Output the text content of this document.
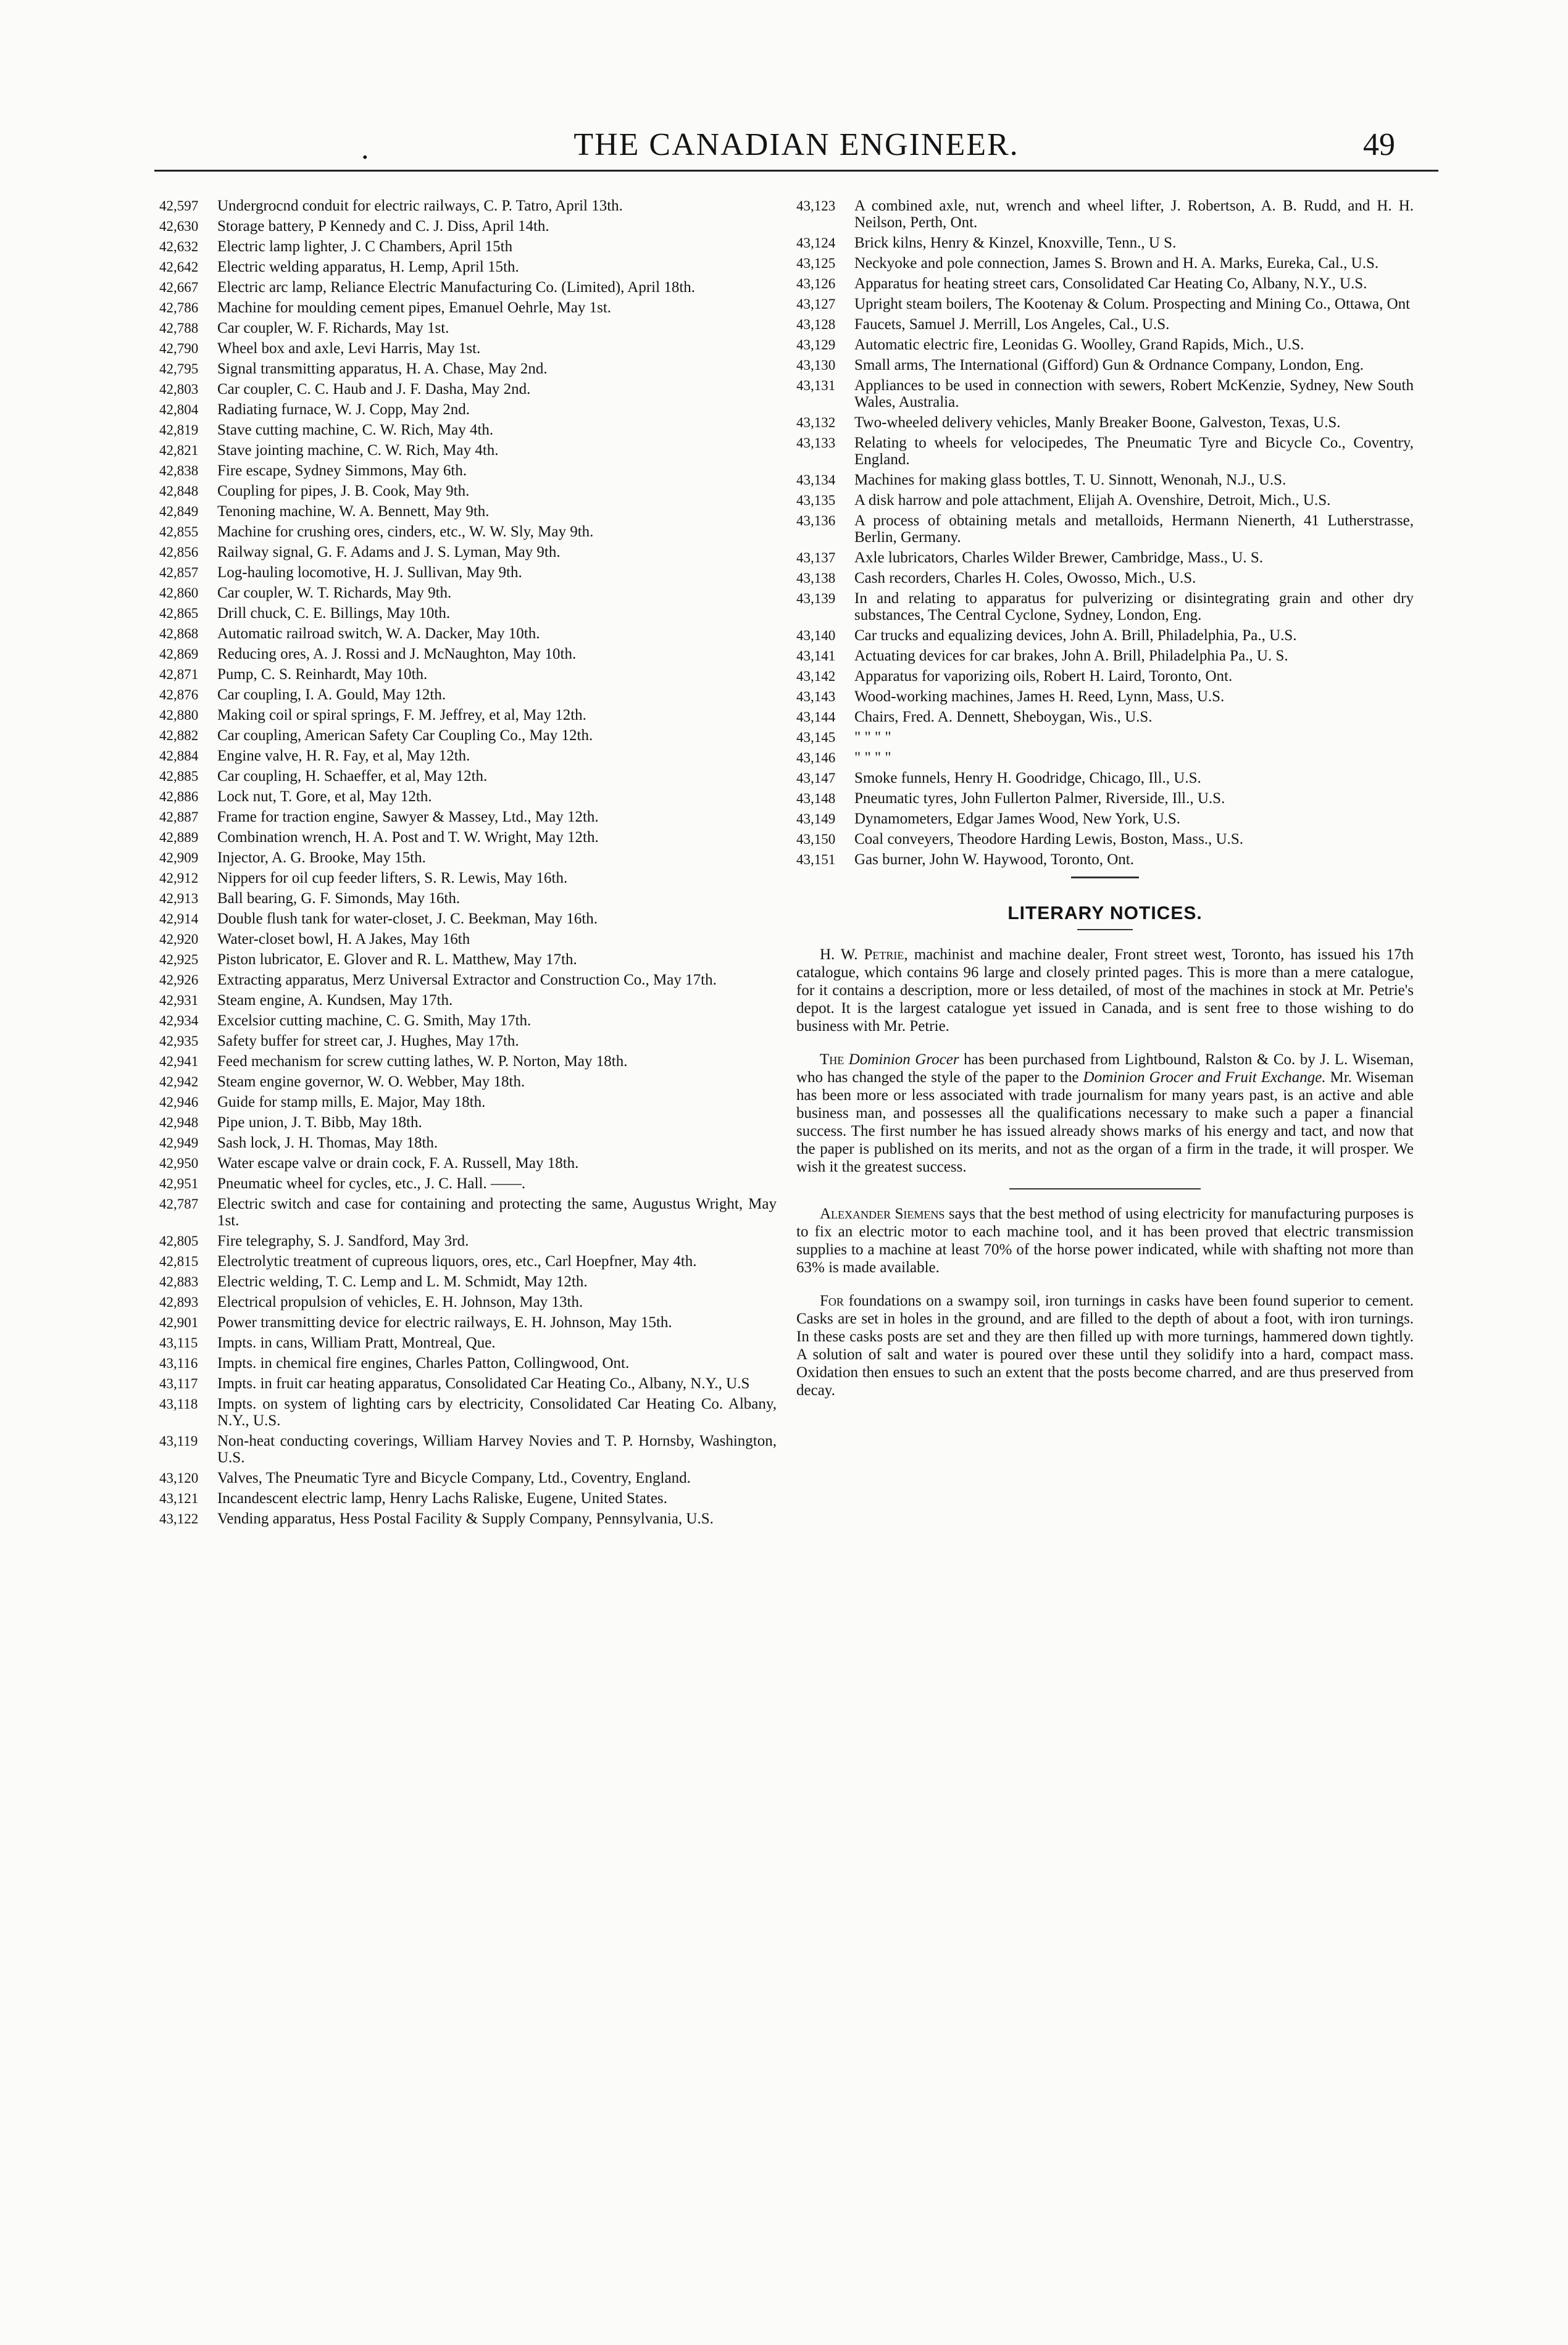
.	THE CANADIAN ENGINEER.	49
42,597 Undergrocnd conduit for electric railways, C. P. Tatro, April 13th.
42,630 Storage battery, P Kennedy and C. J. Diss, April 14th.
42,632 Electric lamp lighter, J. C Chambers, April 15th
42,642 Electric welding apparatus, H. Lemp, April 15th.
42,667 Electric arc lamp, Reliance Electric Manufacturing Co. (Limited), April 18th.
42,786 Machine for moulding cement pipes, Emanuel Oehrle, May 1st.
42,788 Car coupler, W. F. Richards, May 1st.
42,790 Wheel box and axle, Levi Harris, May 1st.
42,795 Signal transmitting apparatus, H. A. Chase, May 2nd.
42,803 Car coupler, C. C. Haub and J. F. Dasha, May 2nd.
42,804 Radiating furnace, W. J. Copp, May 2nd.
42,819 Stave cutting machine, C. W. Rich, May 4th.
42,821 Stave jointing machine, C. W. Rich, May 4th.
42,838 Fire escape, Sydney Simmons, May 6th.
42,848 Coupling for pipes, J. B. Cook, May 9th.
42,849 Tenoning machine, W. A. Bennett, May 9th.
42,855 Machine for crushing ores, cinders, etc., W. W. Sly, May 9th.
42,856 Railway signal, G. F. Adams and J. S. Lyman, May 9th.
42,857 Log-hauling locomotive, H. J. Sullivan, May 9th.
42,860 Car coupler, W. T. Richards, May 9th.
42,865 Drill chuck, C. E. Billings, May 10th.
42,868 Automatic railroad switch, W. A. Dacker, May 10th.
42,869 Reducing ores, A. J. Rossi and J. McNaughton, May 10th.
42,871 Pump, C. S. Reinhardt, May 10th.
42,876 Car coupling, I. A. Gould, May 12th.
42,880 Making coil or spiral springs, F. M. Jeffrey, et al, May 12th.
42,882 Car coupling, American Safety Car Coupling Co., May 12th.
42,884 Engine valve, H. R. Fay, et al, May 12th.
42,885 Car coupling, H. Schaeffer, et al, May 12th.
42,886 Lock nut, T. Gore, et al, May 12th.
42,887 Frame for traction engine, Sawyer & Massey, Ltd., May 12th.
42,889 Combination wrench, H. A. Post and T. W. Wright, May 12th.
42,909 Injector, A. G. Brooke, May 15th.
42,912 Nippers for oil cup feeder lifters, S. R. Lewis, May 16th.
42,913 Ball bearing, G. F. Simonds, May 16th.
42,914 Double flush tank for water-closet, J. C. Beekman, May 16th.
42,920 Water-closet bowl, H. A Jakes, May 16th
42,925 Piston lubricator, E. Glover and R. L. Matthew, May 17th.
42,926 Extracting apparatus, Merz Universal Extractor and Construction Co., May 17th.
42,931 Steam engine, A. Kundsen, May 17th.
42,934 Excelsior cutting machine, C. G. Smith, May 17th.
42,935 Safety buffer for street car, J. Hughes, May 17th.
42,941 Feed mechanism for screw cutting lathes, W. P. Norton, May 18th.
42,942 Steam engine governor, W. O. Webber, May 18th.
42,946 Guide for stamp mills, E. Major, May 18th.
42,948 Pipe union, J. T. Bibb, May 18th.
42,949 Sash lock, J. H. Thomas, May 18th.
42,950 Water escape valve or drain cock, F. A. Russell, May 18th.
42,951 Pneumatic wheel for cycles, etc., J. C. Hall. ——.
42,787 Electric switch and case for containing and protecting the same, Augustus Wright, May 1st.
42,805 Fire telegraphy, S. J. Sandford, May 3rd.
42,815 Electrolytic treatment of cupreous liquors, ores, etc., Carl Hoepfner, May 4th.
42,883 Electric welding, T. C. Lemp and L. M. Schmidt, May 12th.
42,893 Electrical propulsion of vehicles, E. H. Johnson, May 13th.
42,901 Power transmitting device for electric railways, E. H. Johnson, May 15th.
43,115 Impts. in cans, William Pratt, Montreal, Que.
43,116 Impts. in chemical fire engines, Charles Patton, Collingwood, Ont.
43,117 Impts. in fruit car heating apparatus, Consolidated Car Heating Co., Albany, N.Y., U.S
43,118 Impts. on system of lighting cars by electricity, Consolidated Car Heating Co. Albany, N.Y., U.S.
43,119 Non-heat conducting coverings, William Harvey Novies and T. P. Hornsby, Washington, U.S.
43,120 Valves, The Pneumatic Tyre and Bicycle Company, Ltd., Coventry, England.
43,121 Incandescent electric lamp, Henry Lachs Raliske, Eugene, United States.
43,122 Vending apparatus, Hess Postal Facility & Supply Company, Pennsylvania, U.S.
43,123 A combined axle, nut, wrench and wheel lifter, J. Robertson, A. B. Rudd, and H. H. Neilson, Perth, Ont.
43,124 Brick kilns, Henry & Kinzel, Knoxville, Tenn., U S.
43,125 Neckyoke and pole connection, James S. Brown and H. A. Marks, Eureka, Cal., U.S.
43,126 Apparatus for heating street cars, Consolidated Car Heating Co, Albany, N.Y., U.S.
43,127 Upright steam boilers, The Kootenay & Colum. Prospecting and Mining Co., Ottawa, Ont
43,128 Faucets, Samuel J. Merrill, Los Angeles, Cal., U.S.
43,129 Automatic electric fire, Leonidas G. Woolley, Grand Rapids, Mich., U.S.
43,130 Small arms, The International (Gifford) Gun & Ordnance Company, London, Eng.
43,131 Appliances to be used in connection with sewers, Robert McKenzie, Sydney, New South Wales, Australia.
43,132 Two-wheeled delivery vehicles, Manly Breaker Boone, Galveston, Texas, U.S.
43,133 Relating to wheels for velocipedes, The Pneumatic Tyre and Bicycle Co., Coventry, England.
43,134 Machines for making glass bottles, T. U. Sinnott, Wenonah, N.J., U.S.
43,135 A disk harrow and pole attachment, Elijah A. Ovenshire, Detroit, Mich., U.S.
43,136 A process of obtaining metals and metalloids, Hermann Nienerth, 41 Lutherstrasse, Berlin, Germany.
43,137 Axle lubricators, Charles Wilder Brewer, Cambridge, Mass., U. S.
43,138 Cash recorders, Charles H. Coles, Owosso, Mich., U.S.
43,139 In and relating to apparatus for pulverizing or disintegrating grain and other dry substances, The Central Cyclone, Sydney, London, Eng.
43,140 Car trucks and equalizing devices, John A. Brill, Philadelphia, Pa., U.S.
43,141 Actuating devices for car brakes, John A. Brill, Philadelphia Pa., U. S.
43,142 Apparatus for vaporizing oils, Robert H. Laird, Toronto, Ont.
43,143 Wood-working machines, James H. Reed, Lynn, Mass, U.S.
43,144 Chairs, Fred. A. Dennett, Sheboygan, Wis., U.S.
43,145 " " " "
43,146 " " " "
43,147 Smoke funnels, Henry H. Goodridge, Chicago, Ill., U.S.
43,148 Pneumatic tyres, John Fullerton Palmer, Riverside, Ill., U.S.
43,149 Dynamometers, Edgar James Wood, New York, U.S.
43,150 Coal conveyers, Theodore Harding Lewis, Boston, Mass., U.S.
43,151 Gas burner, John W. Haywood, Toronto, Ont.
LITERARY NOTICES.

H. W. Petrie, machinist and machine dealer, Front street west, Toronto, has issued his 17th catalogue, which contains 96 large and closely printed pages. This is more than a mere catalogue, for it contains a description, more or less detailed, of most of the machines in stock at Mr. Petrie's depot. It is the largest catalogue yet issued in Canada, and is sent free to those wishing to do business with Mr. Petrie.

The Dominion Grocer has been purchased from Lightbound, Ralston & Co. by J. L. Wiseman, who has changed the style of the paper to the Dominion Grocer and Fruit Exchange. Mr. Wiseman has been more or less associated with trade journalism for many years past, is an active and able business man, and possesses all the qualifications necessary to make such a paper a financial success. The first number he has issued already shows marks of his energy and tact, and now that the paper is published on its merits, and not as the organ of a firm in the trade, it will prosper. We wish it the greatest success.

Alexander Siemens says that the best method of using electricity for manufacturing purposes is to fix an electric motor to each machine tool, and it has been proved that electric transmission supplies to a machine at least 70% of the horse power indicated, while with shafting not more than 63% is made available.

For foundations on a swampy soil, iron turnings in casks have been found superior to cement. Casks are set in holes in the ground, and are filled to the depth of about a foot, with iron turnings. In these casks posts are set and they are then filled up with more turnings, hammered down tightly. A solution of salt and water is poured over these until they solidify into a hard, compact mass. Oxidation then ensues to such an extent that the posts become charred, and are thus preserved from decay.
